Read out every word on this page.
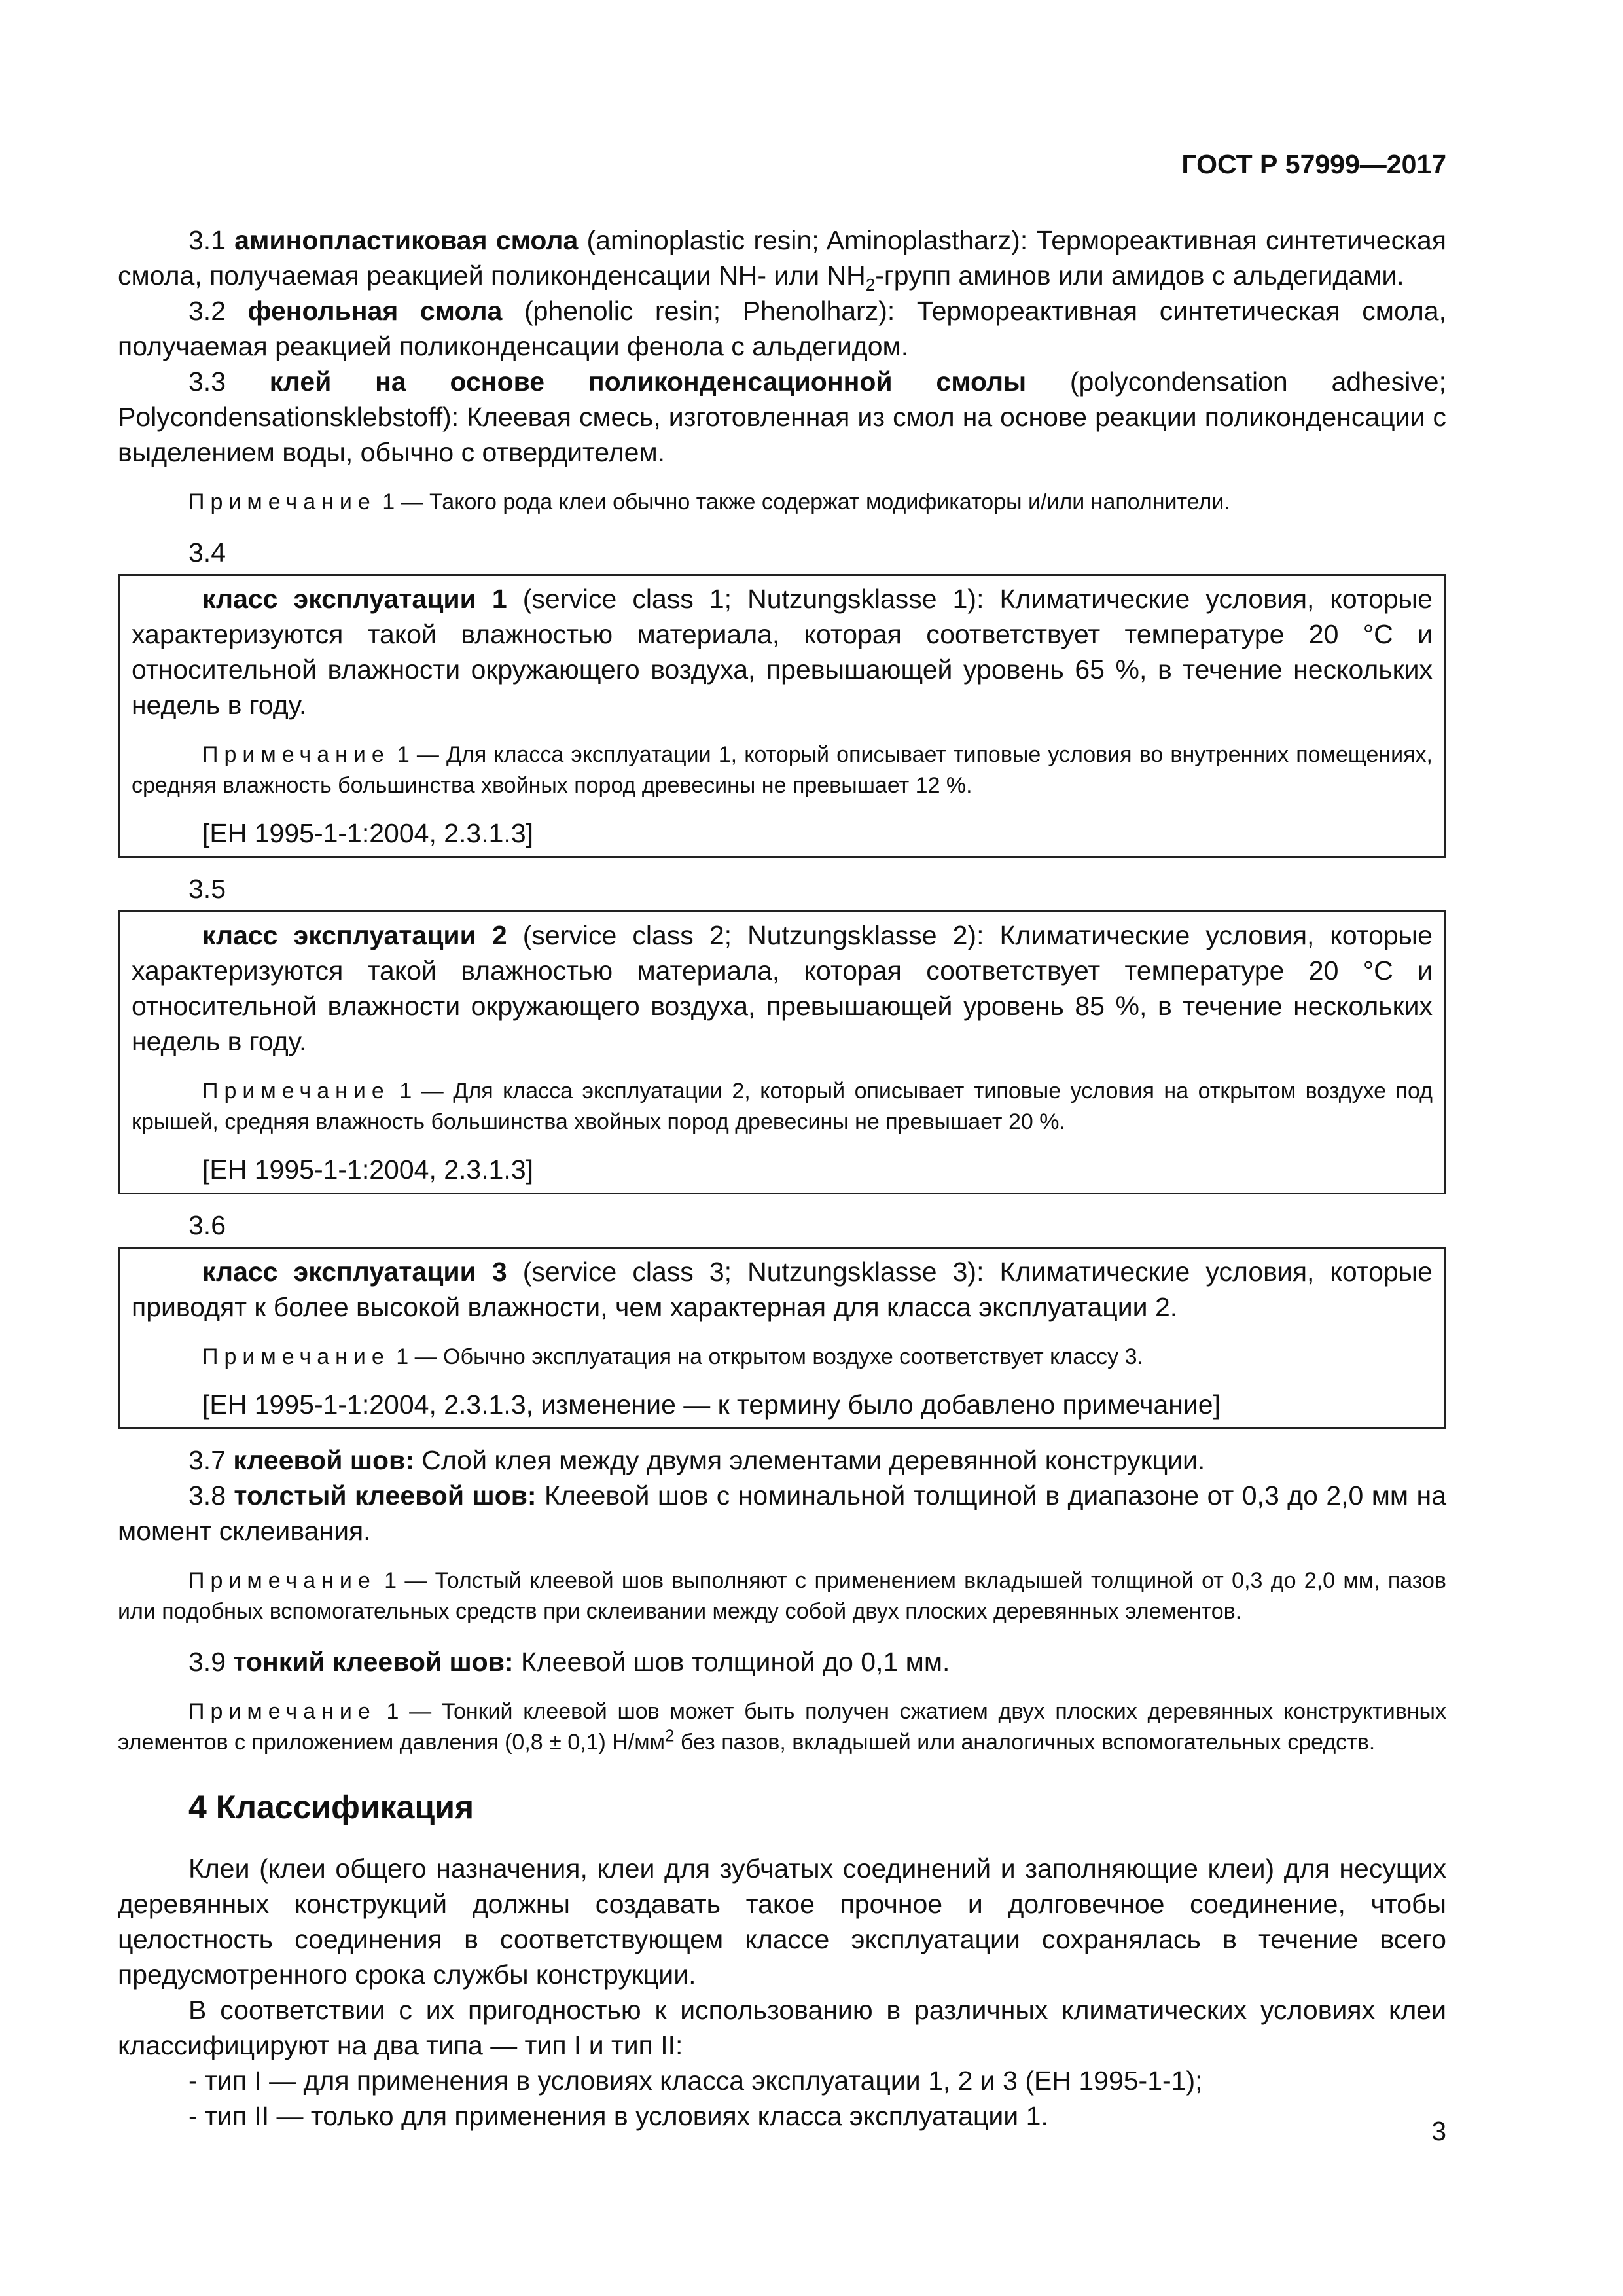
ГОСТ Р 57999—2017

3.1 аминопластиковая смола (aminoplastic resin; Aminoplastharz): Термореактивная синтетическая смола, получаемая реакцией поликонденсации NH- или $NH_2$-групп аминов или амидов с альдегидами.

3.2 фенольная смола (phenolic resin; Phenolharz): Термореактивная синтетическая смола, получаемая реакцией поликонденсации фенола с альдегидом.

3.3 клей на основе поликонденсационной смолы (polycondensation adhesive; Polycondensationsklebstoff): Клеевая смесь, изготовленная из смол на основе реакции поликонденсации с выделением воды, обычно с отвердителем.

Примечание 1 — Такого рода клеи обычно также содержат модификаторы и/или наполнители.

3.4

класс эксплуатации 1 (service class 1; Nutzungsklasse 1): Климатические условия, которые характеризуются такой влажностью материала, которая соответствует температуре 20 °С и относительной влажности окружающего воздуха, превышающей уровень 65 %, в течение нескольких недель в году.

Примечание 1 — Для класса эксплуатации 1, который описывает типовые условия во внутренних помещениях, средняя влажность большинства хвойных пород древесины не превышает 12 %.

[ЕН 1995-1-1:2004, 2.3.1.3]

3.5

класс эксплуатации 2 (service class 2; Nutzungsklasse 2): Климатические условия, которые характеризуются такой влажностью материала, которая соответствует температуре 20 °С и относительной влажности окружающего воздуха, превышающей уровень 85 %, в течение нескольких недель в году.

Примечание 1 — Для класса эксплуатации 2, который описывает типовые условия на открытом воздухе под крышей, средняя влажность большинства хвойных пород древесины не превышает 20 %.

[ЕН 1995-1-1:2004, 2.3.1.3]

3.6

класс эксплуатации 3 (service class 3; Nutzungsklasse 3): Климатические условия, которые приводят к более высокой влажности, чем характерная для класса эксплуатации 2.

Примечание 1 — Обычно эксплуатация на открытом воздухе соответствует классу 3.

[ЕН 1995-1-1:2004, 2.3.1.3, изменение — к термину было добавлено примечание]

3.7 клеевой шов: Слой клея между двумя элементами деревянной конструкции.

3.8 толстый клеевой шов: Клеевой шов с номинальной толщиной в диапазоне от 0,3 до 2,0 мм на момент склеивания.

Примечание 1 — Толстый клеевой шов выполняют с применением вкладышей толщиной от 0,3 до 2,0 мм, пазов или подобных вспомогательных средств при склеивании между собой двух плоских деревянных элементов.

3.9 тонкий клеевой шов: Клеевой шов толщиной до 0,1 мм.

Примечание 1 — Тонкий клеевой шов может быть получен сжатием двух плоских деревянных конструктивных элементов с приложением давления (0,8 ± 0,1) $Н/мм^2$ без пазов, вкладышей или аналогичных вспомогательных средств.

4 Классификация

Клеи (клеи общего назначения, клеи для зубчатых соединений и заполняющие клеи) для несущих деревянных конструкций должны создавать такое прочное и долговечное соединение, чтобы целостность соединения в соответствующем классе эксплуатации сохранялась в течение всего предусмотренного срока службы конструкции.

В соответствии с их пригодностью к использованию в различных климатических условиях клеи классифицируют на два типа — тип I и тип II:

- тип I — для применения в условиях класса эксплуатации 1, 2 и 3 (ЕН 1995-1-1);
- тип II — только для применения в условиях класса эксплуатации 1.	3
